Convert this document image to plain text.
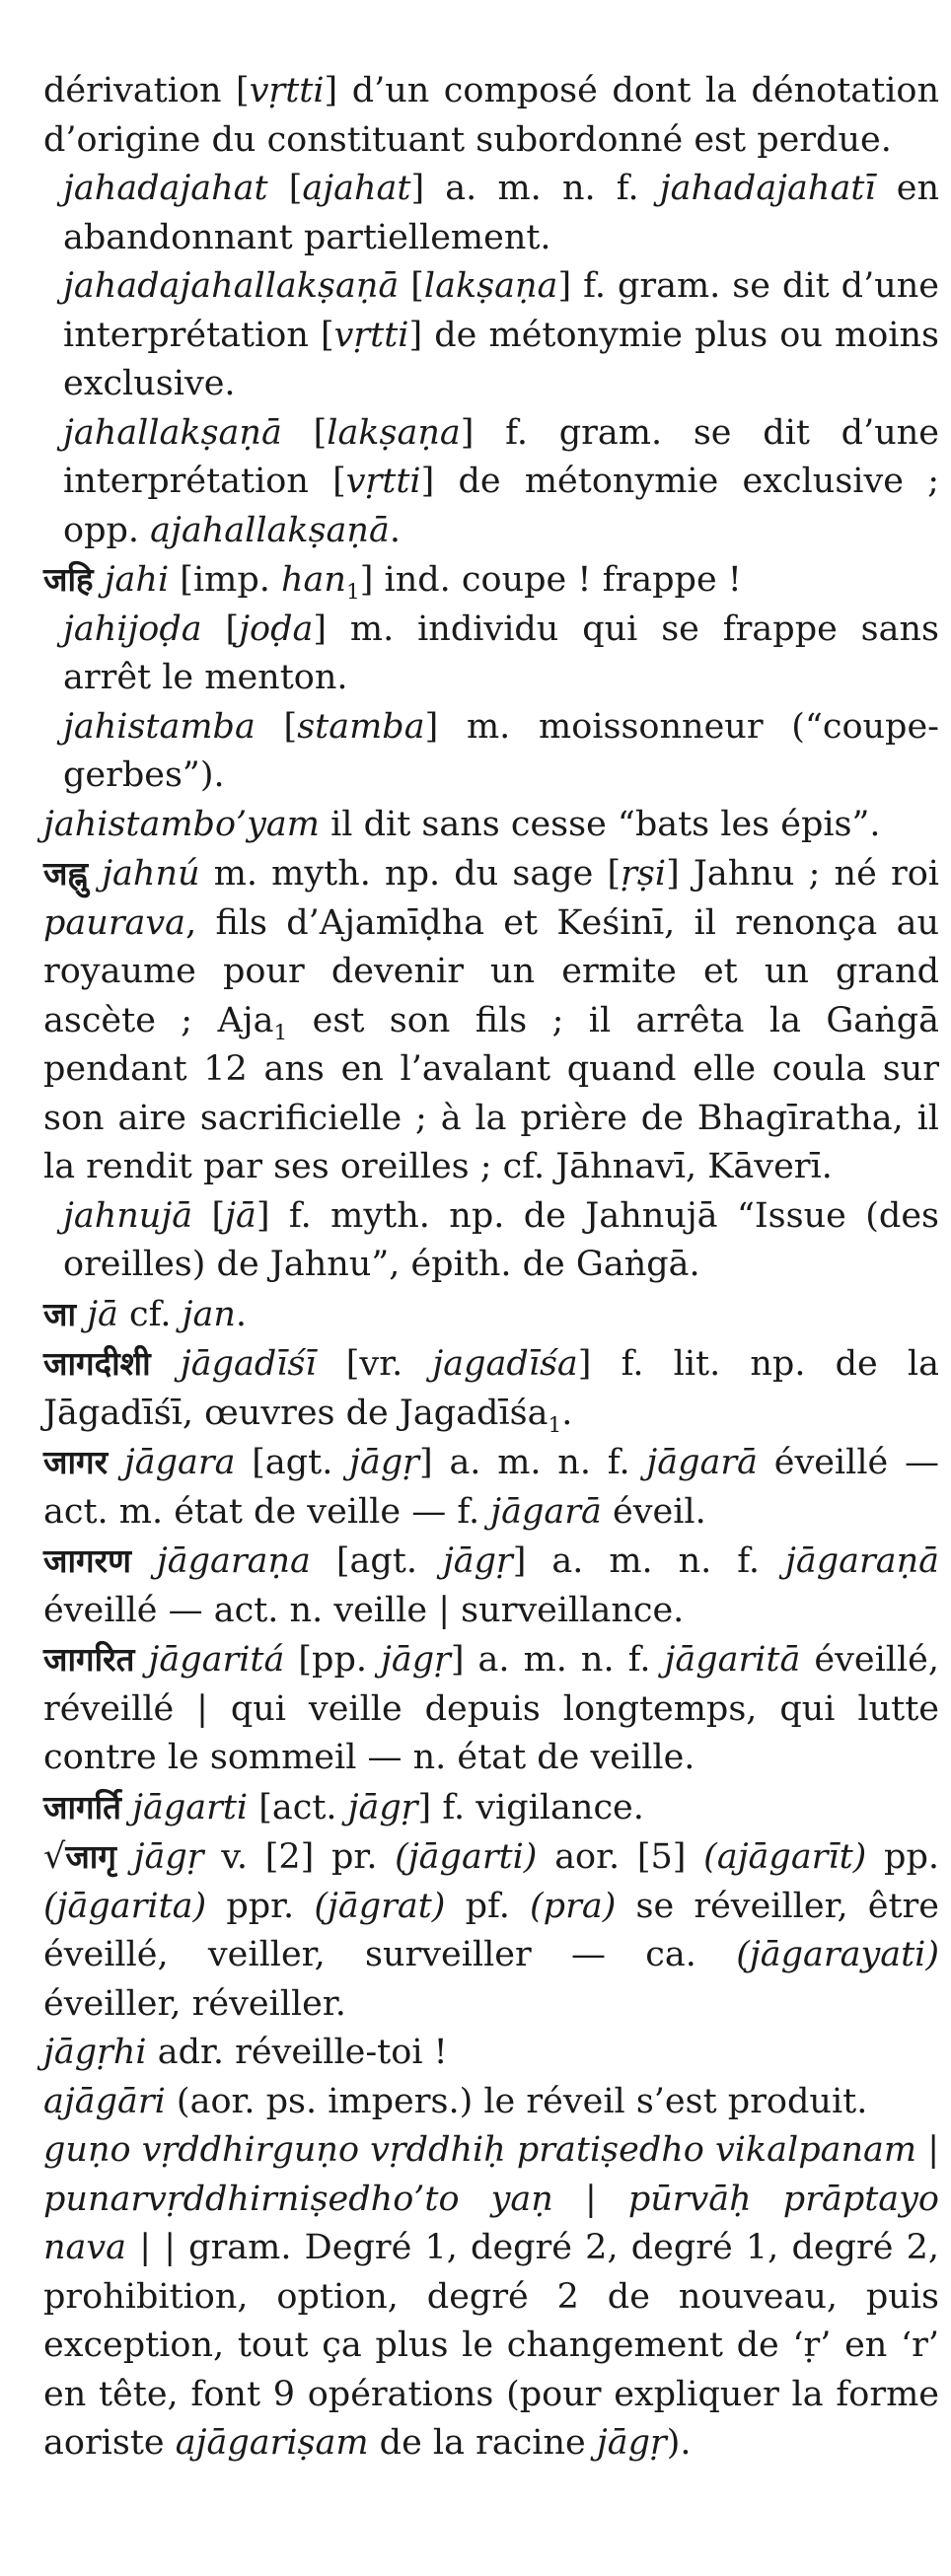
dérivation [vṛtti] d’un composé dont la dénotation d’origine du constituant subordonné est perdue.

jahadajahat [ajahat] a. m. n. f. jahadajahatī en abandonnant partiellement.

jahadajahallakṣaṇā [lakṣaṇa] f. gram. se dit d’une interprétation [vṛtti] de métonymie plus ou moins exclusive.

jahallakṣaṇā [lakṣaṇa] f. gram. se dit d’une interprétation [vṛtti] de métonymie exclusive ; opp. ajahallakṣaṇā.

जहि jahi [imp. han$_1$] ind. coupe ! frappe !

jahijoḍa [joḍa] m. individu qui se frappe sans arrêt le menton.

jahistamba [stamba] m. moissonneur (“coupe-gerbes”).

jahistambo’yam il dit sans cesse “bats les épis”.

जह्नु jahnú m. myth. np. du sage [ṛṣi] Jahnu ; né roi paurava, fils d’Ajamīḍha et Keśinī, il renonça au royaume pour devenir un ermite et un grand ascète ; Aja$_1$ est son fils ; il arrêta la Gaṅgā pendant 12 ans en l’avalant quand elle coula sur son aire sacrificielle ; à la prière de Bhagīratha, il la rendit par ses oreilles ; cf. Jāhnavī, Kāverī.

jahnujā [jā] f. myth. np. de Jahnujā “Issue (des oreilles) de Jahnu”, épith. de Gaṅgā.

जा jā cf. jan.

जागदीशी jāgadīśī [vr. jagadīśa] f. lit. np. de la Jāgadīśī, œuvres de Jagadīśa$_1$.

जागर jāgara [agt. jāgṛ] a. m. n. f. jāgarā éveillé — act. m. état de veille — f. jāgarā éveil.

जागरण jāgaraṇa [agt. jāgṛ] a. m. n. f. jāgaraṇā éveillé — act. n. veille | surveillance.

जागरित jāgaritá [pp. jāgṛ] a. m. n. f. jāgaritā éveillé, réveillé | qui veille depuis longtemps, qui lutte contre le sommeil — n. état de veille.

जागर्ति jāgarti [act. jāgṛ] f. vigilance.

√जागृ jāgṛ v. [2] pr. (jāgarti) aor. [5] (ajāgarīt) pp. (jāgarita) ppr. (jāgrat) pf. (pra) se réveiller, être éveillé, veiller, surveiller — ca. (jāgarayati) éveiller, réveiller.

jāgṛhi adr. réveille-toi !

ajāgāri (aor. ps. impers.) le réveil s’est produit.

guṇo vṛddhirguṇo vṛddhiḥ pratiṣedho vikalpanam | punarvṛddhirniṣedho’to yaṇ | pūrvāḥ prāptayo nava | | gram. Degré 1, degré 2, degré 1, degré 2, prohibition, option, degré 2 de nouveau, puis exception, tout ça plus le changement de ‘ṛ’ en ‘r’ en tête, font 9 opérations (pour expliquer la forme aoriste ajāgariṣam de la racine jāgṛ).
